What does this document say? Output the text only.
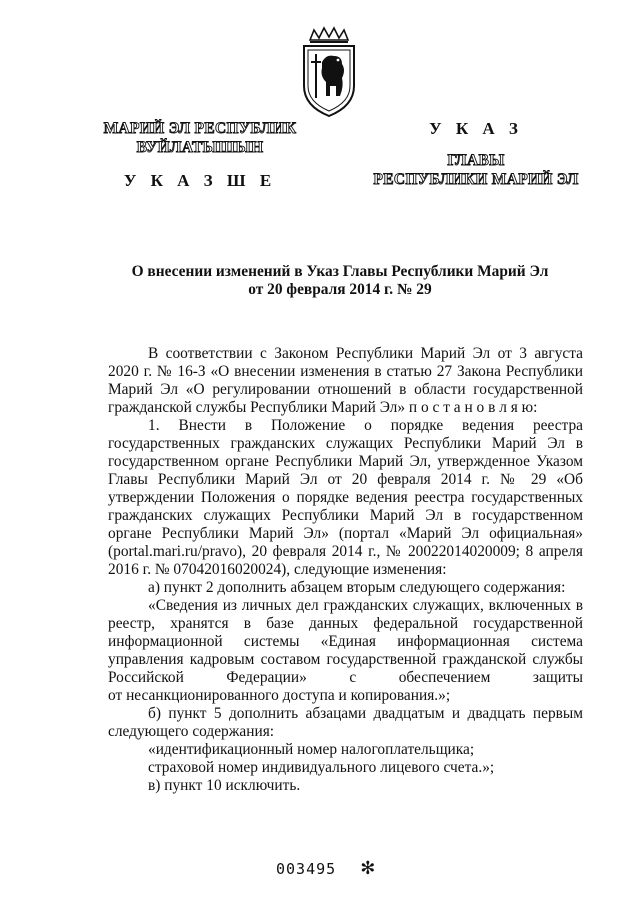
МАРИЙ ЭЛ РЕСПУБЛИК
ВУЙЛАТЫШЫН
У К А З Ш Е
У К А З
ГЛАВЫ
РЕСПУБЛИКИ МАРИЙ ЭЛ
О внесении изменений в Указ Главы Республики Марий Эл
от 20 февраля 2014 г. № 29

В соответствии с Законом Республики Марий Эл от 3 августа 2020 г. № 16-З «О внесении изменения в статью 27 Закона Республики Марий Эл «О регулировании отношений в области государственной гражданской службы Республики Марий Эл» п о с т а н о в л я ю:

1. Внести в Положение о порядке ведения реестра государственных гражданских служащих Республики Марий Эл в государственном органе Республики Марий Эл, утвержденное Указом Главы Республики Марий Эл от 20 февраля 2014 г. № 29 «Об утверждении Положения о порядке ведения реестра государственных гражданских служащих Республики Марий Эл в государственном органе Республики Марий Эл» (портал «Марий Эл официальная» (portal.mari.ru/pravo), 20 февраля 2014 г., № 20022014020009; 8 апреля 2016 г. № 07042016020024), следующие изменения:

а) пункт 2 дополнить абзацем вторым следующего содержания:

«Сведения из личных дел гражданских служащих, включенных в реестр, хранятся в базе данных федеральной государственной информационной системы «Единая информационная система управления кадровым составом государственной гражданской службы Российской Федерации» с обеспечением защиты

от несанкционированного доступа и копирования.»;

б) пункт 5 дополнить абзацами двадцатым и двадцать первым следующего содержания:

«идентификационный номер налогоплательщика;

страховой номер индивидуального лицевого счета.»;

в) пункт 10 исключить.

003495 ✻
